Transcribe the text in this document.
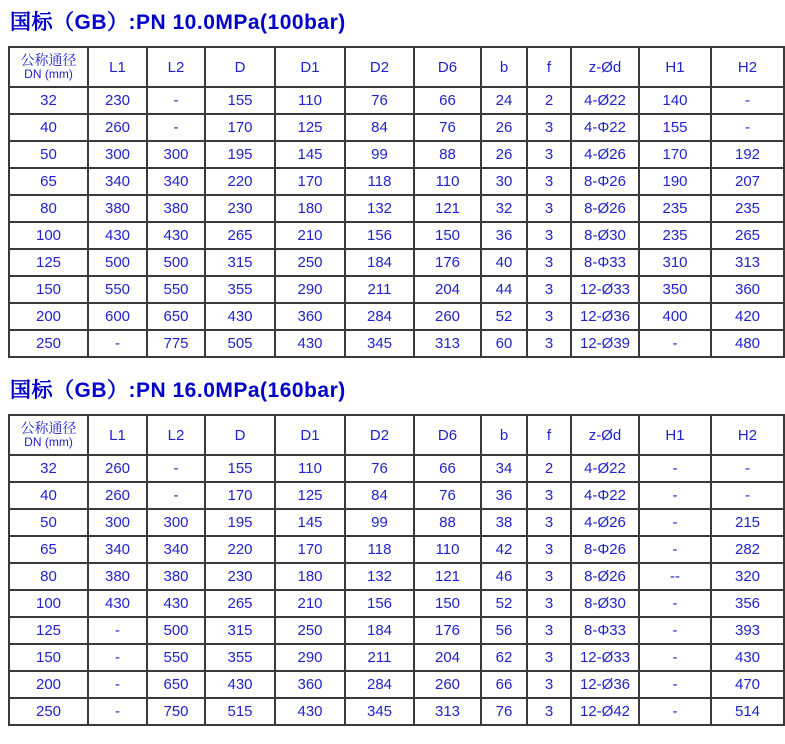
国标（GB）:PN 10.0MPa(100bar)
公称通径
DN (mm)	L1	L2	D	D1	D2	D6	b	f	z-Ød	H1	H2
32	230	-	155	110	76	66	24	2	4-Ø22	140	-
40	260	-	170	125	84	76	26	3	4-Φ22	155	-
50	300	300	195	145	99	88	26	3	4-Ø26	170	192
65	340	340	220	170	118	110	30	3	8-Φ26	190	207
80	380	380	230	180	132	121	32	3	8-Ø26	235	235
100	430	430	265	210	156	150	36	3	8-Ø30	235	265
125	500	500	315	250	184	176	40	3	8-Φ33	310	313
150	550	550	355	290	211	204	44	3	12-Ø33	350	360
200	600	650	430	360	284	260	52	3	12-Ø36	400	420
250	-	775	505	430	345	313	60	3	12-Ø39	-	480
国标（GB）:PN 16.0MPa(160bar)
公称通径
DN (mm)	L1	L2	D	D1	D2	D6	b	f	z-Ød	H1	H2
32	260	-	155	110	76	66	34	2	4-Ø22	-	-
40	260	-	170	125	84	76	36	3	4-Φ22	-	-
50	300	300	195	145	99	88	38	3	4-Ø26	-	215
65	340	340	220	170	118	110	42	3	8-Φ26	-	282
80	380	380	230	180	132	121	46	3	8-Ø26	--	320
100	430	430	265	210	156	150	52	3	8-Ø30	-	356
125	-	500	315	250	184	176	56	3	8-Φ33	-	393
150	-	550	355	290	211	204	62	3	12-Ø33	-	430
200	-	650	430	360	284	260	66	3	12-Ø36	-	470
250	-	750	515	430	345	313	76	3	12-Ø42	-	514
